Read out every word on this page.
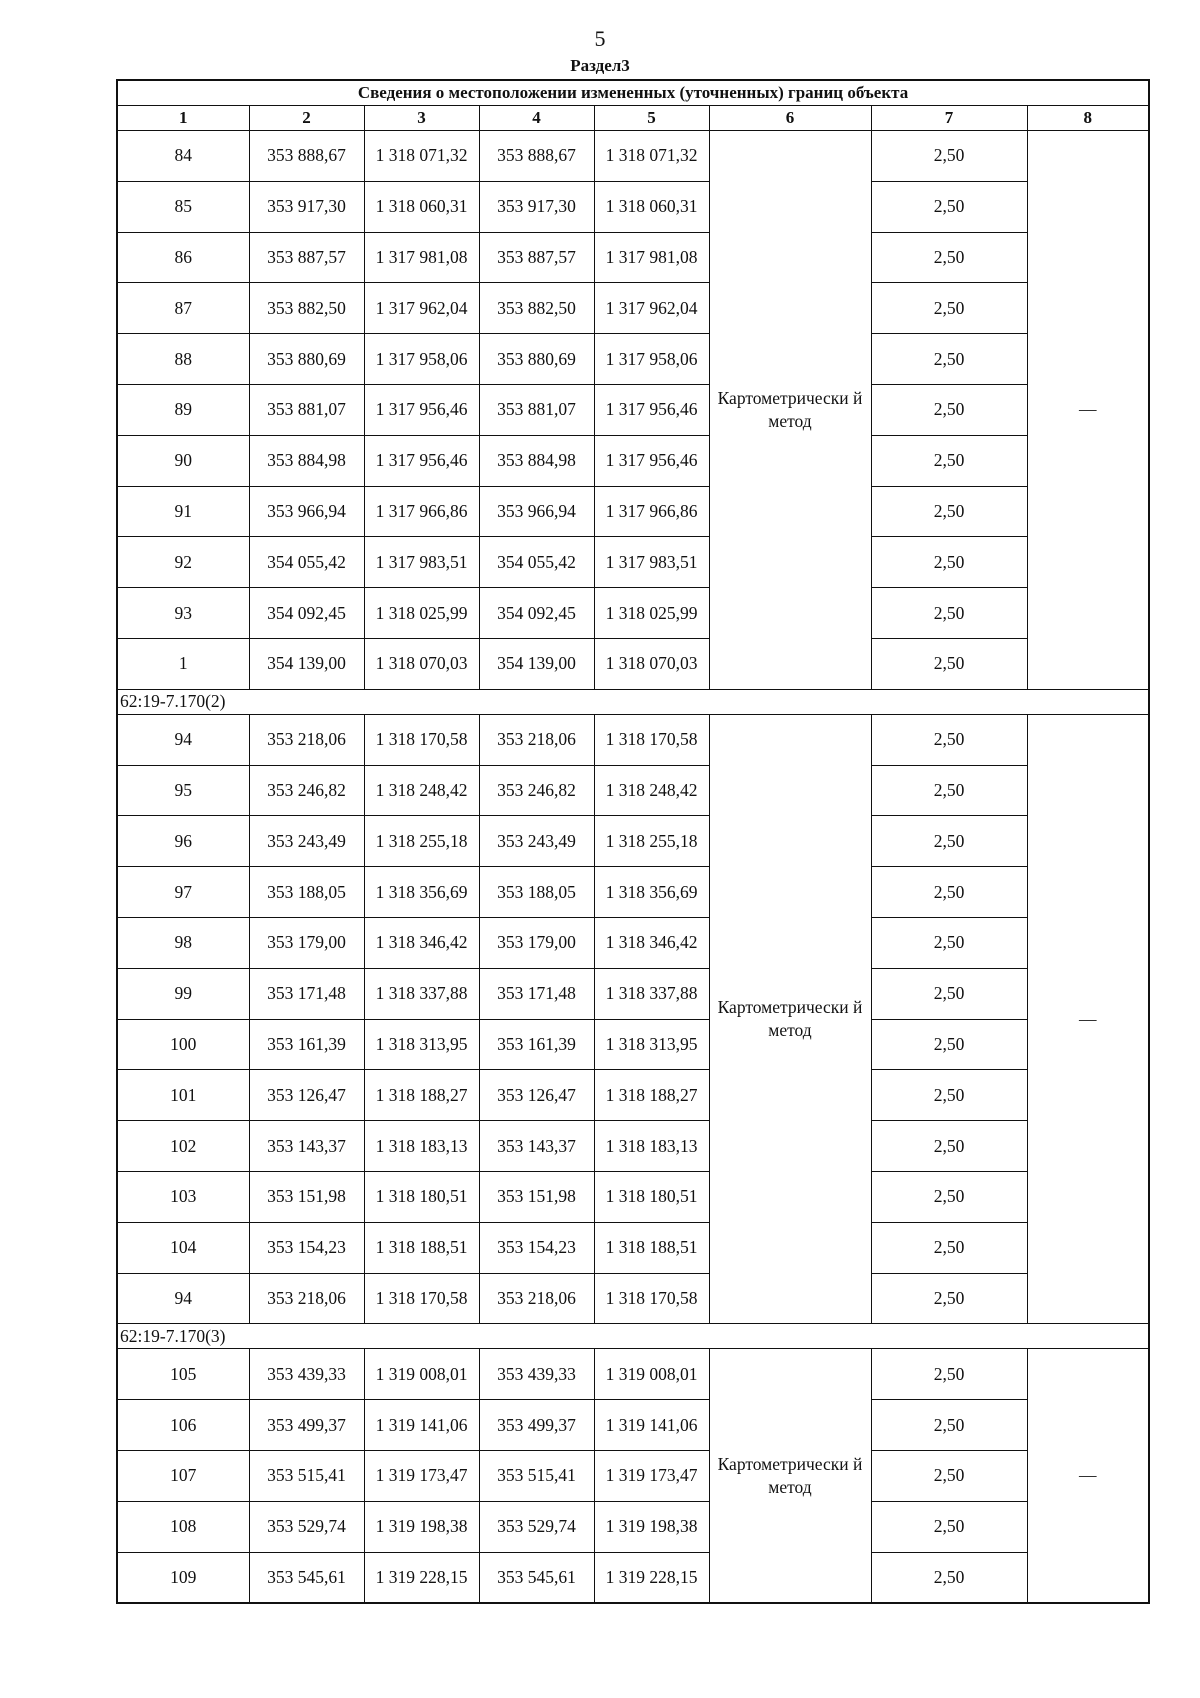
5
Раздел3
Сведения о местоположении измененных (уточненных) границ объекта							
1	2	3	4	5	6	7	8
84	353 888,67	1 318 071,32	353 888,67	1 318 071,32	Картометрически й метод	2,50	—
85	353 917,30	1 318 060,31	353 917,30	1 318 060,31		2,50	
86	353 887,57	1 317 981,08	353 887,57	1 317 981,08		2,50	
87	353 882,50	1 317 962,04	353 882,50	1 317 962,04		2,50	
88	353 880,69	1 317 958,06	353 880,69	1 317 958,06		2,50	
89	353 881,07	1 317 956,46	353 881,07	1 317 956,46		2,50	
90	353 884,98	1 317 956,46	353 884,98	1 317 956,46		2,50	
91	353 966,94	1 317 966,86	353 966,94	1 317 966,86		2,50	
92	354 055,42	1 317 983,51	354 055,42	1 317 983,51		2,50	
93	354 092,45	1 318 025,99	354 092,45	1 318 025,99		2,50	
1	354 139,00	1 318 070,03	354 139,00	1 318 070,03		2,50	
62:19-7.170(2)							
94	353 218,06	1 318 170,58	353 218,06	1 318 170,58	Картометрически й метод	2,50	—
95	353 246,82	1 318 248,42	353 246,82	1 318 248,42		2,50	
96	353 243,49	1 318 255,18	353 243,49	1 318 255,18		2,50	
97	353 188,05	1 318 356,69	353 188,05	1 318 356,69		2,50	
98	353 179,00	1 318 346,42	353 179,00	1 318 346,42		2,50	
99	353 171,48	1 318 337,88	353 171,48	1 318 337,88		2,50	
100	353 161,39	1 318 313,95	353 161,39	1 318 313,95		2,50	
101	353 126,47	1 318 188,27	353 126,47	1 318 188,27		2,50	
102	353 143,37	1 318 183,13	353 143,37	1 318 183,13		2,50	
103	353 151,98	1 318 180,51	353 151,98	1 318 180,51		2,50	
104	353 154,23	1 318 188,51	353 154,23	1 318 188,51		2,50	
94	353 218,06	1 318 170,58	353 218,06	1 318 170,58		2,50	
62:19-7.170(3)							
105	353 439,33	1 319 008,01	353 439,33	1 319 008,01	Картометрически й метод	2,50	—
106	353 499,37	1 319 141,06	353 499,37	1 319 141,06		2,50	
107	353 515,41	1 319 173,47	353 515,41	1 319 173,47		2,50	
108	353 529,74	1 319 198,38	353 529,74	1 319 198,38		2,50	
109	353 545,61	1 319 228,15	353 545,61	1 319 228,15		2,50	
